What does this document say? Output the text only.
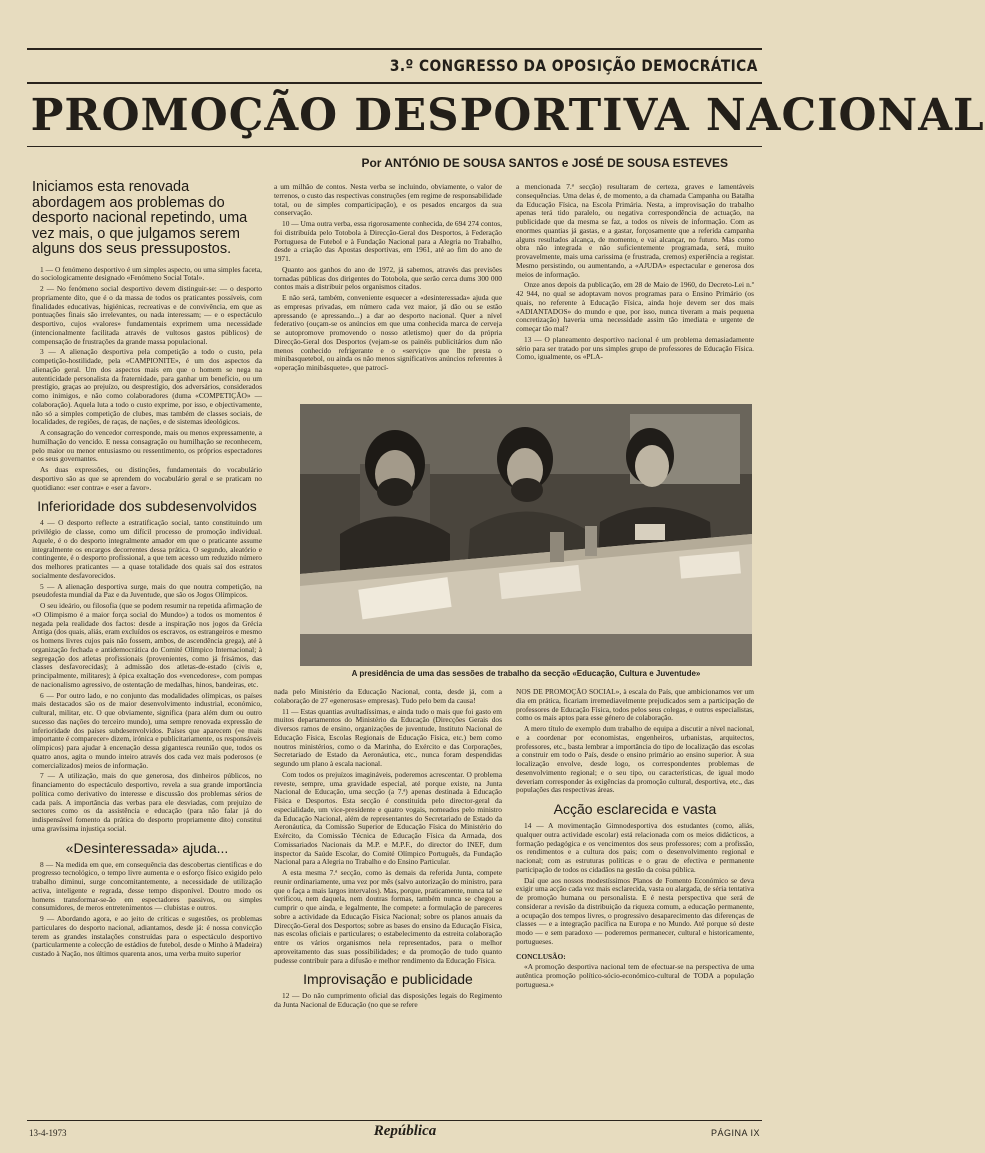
3.º CONGRESSO DA OPOSIÇÃO DEMOCRÁTICA
PROMOÇÃO DESPORTIVA NACIONAL
Por ANTÓNIO DE SOUSA SANTOS e JOSÉ DE SOUSA ESTEVES

Iniciamos esta renovada abordagem aos problemas do desporto nacional repetindo, uma vez mais, o que julgamos serem alguns dos seus pressupostos.

1 — O fenómeno desportivo é um simples aspecto, ou uma simples faceta, do sociologicamente designado «Fenómeno Social Total».

2 — No fenómeno social desportivo devem distinguir-se: — o desporto propriamente dito, que é o da massa de todos os praticantes possíveis, com finalidades educativas, higiénicas, recreativas e de convivência, em que as pontuações finais são irrelevantes, ou nada interessam; — e o espectáculo desportivo, cujos «valores» fundamentais exprimem uma necessidade (intencionalmente facilitada através de vultosos gastos públicos) de compensação de frustrações da grande massa populacional.

3 — A alienação desportiva pela competição a todo o custo, pela competição-hostilidade, pela «CAMPIONITE», é um dos aspectos da alienação geral. Um dos aspectos mais em que o homem se nega na autenticidade personalista da fraternidade, para ganhar um benefício, ou um prestígio, graças ao prejuízo, ou desprestígio, dos adversários, considerados como inimigos, e não como colaboradores (duma «COMPETIÇÃO» — colaboração). Aquela luta a todo o custo exprime, por isso, e objectivamente, não só a simples competição de clubes, mas também de classes sociais, de localidades, de regiões, de raças, de nações, e de sistemas ideológicos.

A consagração do vencedor corresponde, mais ou menos expressamente, a humilhação do vencido. E nessa consagração ou humilhação se reconhecem, pelo maior ou menor entusiasmo ou ressentimento, os próprios espectadores e os seus governantes.

As duas expressões, ou distinções, fundamentais do vocabulário desportivo são as que se aprendem do vocabulário geral e se praticam no quotidiano: «ser contra» e «ser a favor».

Inferioridade dos subdesenvolvidos

4 — O desporto reflecte a estratificação social, tanto constituindo um privilégio de classe, como um difícil processo de promoção individual. Aquele, é o do desporto integralmente amador em que o praticante assume integralmente os encargos decorrentes dessa prática. O segundo, aleatório e contingente, é o desporto profissional, a que tem acesso um reduzido número dos melhores praticantes — a quase totalidade dos quais saí dos estratos socialmente desfavorecidos.

5 — A alienação desportiva surge, mais do que noutra competição, na pseudofesta mundial da Paz e da Juventude, que são os Jogos Olímpicos.

O seu ideário, ou filosofia (que se podem resumir na repetida afirmação de «O Olimpismo é a maior força social do Mundo») a todos os momentos é negada pela realidade dos factos: desde a inspiração nos jogos da Grécia Antiga (dos quais, aliás, eram excluídos os escravos, os estrangeiros e mesmo os homens livres cujos pais não fossem, ambos, de ascendência grega), até à organização fechada e antidemocrática do Comité Olímpico Internacional; à segregação dos atletas profissionais (provenientes, como já frisámos, das classes desfavorecidas); à admissão dos atletas-de-estado (civis e, principalmente, militares); à épica exaltação dos «vencedores», com pompas de nacionalismo agressivo, de ostentação de medalhas, hinos, bandeiras, etc.

6 — Por outro lado, e no conjunto das modalidades olímpicas, os países mais destacados são os de maior desenvolvimento industrial, económico, cultural, militar, etc. O que obviamente, significa (para além dum ou outro sucesso das nações do terceiro mundo), uma sempre renovada expressão de inferioridade dos países subdesenvolvidos. Países que aparecem («e mais importante é comparecer» dizem, irónica e publicitariamente, os responsáveis olímpicos) para ajudar à encenação dessa gigantesca reunião que, todos os quatro anos, agita o mundo inteiro através dos cada vez mais poderosos (e comercializados) meios de informação.

7 — A utilização, mais do que generosa, dos dinheiros públicos, no financiamento do espectáculo desportivo, revela a sua grande importância política como derivativo do interesse e discussão dos problemas sérios de cada país. A importância das verbas para ele desviadas, com prejuízo de sectores como os da assistência e educação (para não falar já do indispensável fomento da prática do desporto propriamente dito) constitui uma gravíssima injustiça social.

«Desinteressada» ajuda...

8 — Na medida em que, em consequência das descobertas científicas e do progresso tecnológico, o tempo livre aumenta e o esforço físico exigido pelo trabalho diminui, surge concomitantemente, a necessidade de utilização activa, inteligente e regrada, desse tempo disponível. Doutro modo os homens transformar-se-ão em espectadores passivos, ou simples consumidores, de meros entretenimentos — clubistas e outros.

9 — Abordando agora, e ao jeito de críticas e sugestões, os problemas particulares do desporto nacional, adiantamos, desde já: é nossa convicção terem as grandes instalações construídas para o espectáculo desportivo (particularmente a colecção de estádios de futebol, desde o Minho à Madeira) custado à Nação, nos últimos quarenta anos, uma verba muito superior

a um milhão de contos. Nesta verba se incluindo, obviamente, o valor de terrenos, o custo das respectivas construções (em regime de responsabilidade total, ou de simples comparticipação), e os pesados encargos da sua conservação.

10 — Uma outra verba, essa rigorosamente conhecida, de 694 274 contos, foi distribuída pelo Totobola à Direcção-Geral dos Desportos, à Federação Portuguesa de Futebol e à Fundação Nacional para a Alegria no Trabalho, desde a criação das Apostas desportivas, em 1961, até ao fim do ano de 1971.

Quanto aos ganhos do ano de 1972, já sabemos, através das previsões tornadas públicas dos dirigentes do Totobola, que serão cerca dums 300 000 contos mais a distribuir pelos organismos citados.

E não será, também, conveniente esquecer a «desinteressada» ajuda que as empresas privadas, em número cada vez maior, já dão ou se estão apressando (e apressando...) a dar ao desporto nacional. Quer a nível federativo (ouçam-se os anúncios em que uma conhecida marca de cerveja se autopromove promovendo o nosso atletismo) quer do da própria Direcção-Geral dos Desportos (vejam-se os painéis publicitários dum não menos conhecido refrigerante e o «serviço» que lhe presta o minibasquetebol, ou ainda os não menos significativos anúncios referentes à «operação minibásquete», que patrocí-

a mencionada 7.ª secção) resultaram de certeza, graves e lamentáveis consequências. Uma delas é, de momento, a da chamada Campanha ou Batalha da Educação Física, na Escola Primária. Nesta, a improvisação do trabalho apenas terá tido paralelo, ou negativa correspondência de actuação, na publicidade que da mesma se faz, a todos os níveis de informação. Com as enormes quantias já gastas, e a gastar, forçosamente que a referida campanha alguns resultados alcança, de momento, e vai alcançar, no futuro. Mas como obra não integrada e não suficientemente programada, será, muito provavelmente, mais uma carissima (e frustrada, cremos) experiência a registar. Mesmo persistindo, ou aumentando, a «AJUDA» espectacular e generosa dos meios de informação.

Onze anos depois da publicação, em 28 de Maio de 1960, do Decreto-Lei n.º 42 944, no qual se adoptavam novos programas para o Ensino Primário (os quais, no referente à Educação Física, ainda hoje devem ser dos mais «ADIANTADOS» do mundo e que, por isso, nunca tiveram a mais pequena concretização) haveria uma necessidade assim tão imediata e urgente de começar tão mal?

13 — O planeamento desportivo nacional é um problema demasiadamente sério para ser tratado por uns simples grupo de professores de Educação Física. Como, igualmente, os «PLA-

A presidência de uma das sessões de trabalho da secção «Educação, Cultura e Juventude»

nada pelo Ministério da Educação Nacional, conta, desde já, com a colaboração de 27 «generosas» empresas). Tudo pelo bem da causa!

11 — Estas quantias avultadíssimas, e ainda tudo o mais que foi gasto em muitos departamentos do Ministério da Educação (Direcções Gerais dos diversos ramos de ensino, organizações de juventude, Instituto Nacional de Educação Física, Escolas Regionais de Educação Física, etc.) bem como noutros ministérios, como o da Marinha, do Exército e das Corporações, Secretariado de Estado da Aeronáutica, etc., nunca foram despendidas segundo um plano à escala nacional.

Com todos os prejuízos imagináveis, poderemos acrescentar. O problema reveste, sempre, uma gravidade especial, até porque existe, na Junta Nacional de Educação, uma secção (a 7.ª) apenas destinada à Educação Física e Desportos. Esta secção é constituída pelo director-geral da especialidade, um vice-presidente e quatro vogais, nomeados pelo ministro da Educação Nacional, além de representantes do Secretariado de Estado da Aeronáutica, da Comissão Superior de Educação Física do Ministério do Exército, da Comissão Técnica de Educação Física da Armada, dos Comissariados Nacionais da M.P. e M.P.F., do director do INEF, dum inspector da Saúde Escolar, do Comité Olímpico Português, da Fundação Nacional para a Alegria no Trabalho e do Ensino Particular.

A esta mesma 7.ª secção, como às demais da referida Junta, compete reunir ordinariamente, uma vez por mês (salvo autorização do ministro, para que o faça a mais largos intervalos). Mas, porque, praticamente, nunca tal se verificou, nem daquela, nem doutras formas, também nunca se chegou a cumprir o que ainda, e legalmente, lhe compete: a formulação de pareceres sobre a actividade da Educação Física Nacional; sobre os planos anuais da Direcção-Geral dos Desportos; sobre as bases do ensino da Educação Física, nas escolas oficiais e particulares; o estabelecimento da estreita colaboração entre os vários organismos nela representados, para o melhor aproveitamento das suas possibilidades; e da promoção de tudo quanto pudesse contribuir para a difusão e melhor rendimento da Educação Física.

Improvisação e publicidade

12 — Do não cumprimento oficial das disposições legais do Regimento da Junta Nacional de Educação (no que se refere

NOS DE PROMOÇÃO SOCIAL», à escala do País, que ambicionamos ver um dia em prática, ficariam irremediavelmente prejudicados sem a participação de professores de Educação Física, todos pelos seus colegas, e outros especialistas, como os mais aptos para esse género de colaboração.

A mero título de exemplo dum trabalho de equipa a discutir a nível nacional, e a coordenar por economistas, engenheiros, urbanistas, arquitectos, professores, etc., basta lembrar a importância do tipo de localização das escolas a construir em todo o País, desde o ensino primário ao ensino superior. À sua localização envolve, desde logo, os correspondentes problemas de desenvolvimento regional; e o seu tipo, ou características, de igual modo deveriam corresponder às exigências da promoção cultural, desportiva, etc., das populações das respectivas áreas.

Acção esclarecida e vasta

14 — A movimentação Gimnodesportiva dos estudantes (como, aliás, qualquer outra actividade escolar) está relacionada com os meios didácticos, a formação pedagógica e os vencimentos dos seus professores; com a profissão, os rendimentos e a cultura dos pais; com o desenvolvimento regional e nacional; com as estruturas políticas e o grau de efectiva e permanente participação de todos os cidadãos na gestão da coisa pública.

Daí que aos nossos modestíssimos Planos de Fomento Económico se deva exigir uma acção cada vez mais esclarecida, vasta ou alargada, de séria tentativa de promoção humana ou personalista. E é nesta perspectiva que será de considerar a revisão da distribuição da riqueza comum, a educação permanente, a ocupação dos tempos livres, o progressivo desaparecimento das diferenças de classes — e a integração pacífica na Europa e no Mundo. Até porque só deste modo — e sem paradoxo — poderemos permanecer, cultural e historicamente, portugueses.

CONCLUSÃO:

«A promoção desportiva nacional tem de efectuar-se na perspectiva de uma autêntica promoção político-sócio-económico-cultural de TODA a população portuguesa.»

13-4-1973	República	PÁGINA IX
